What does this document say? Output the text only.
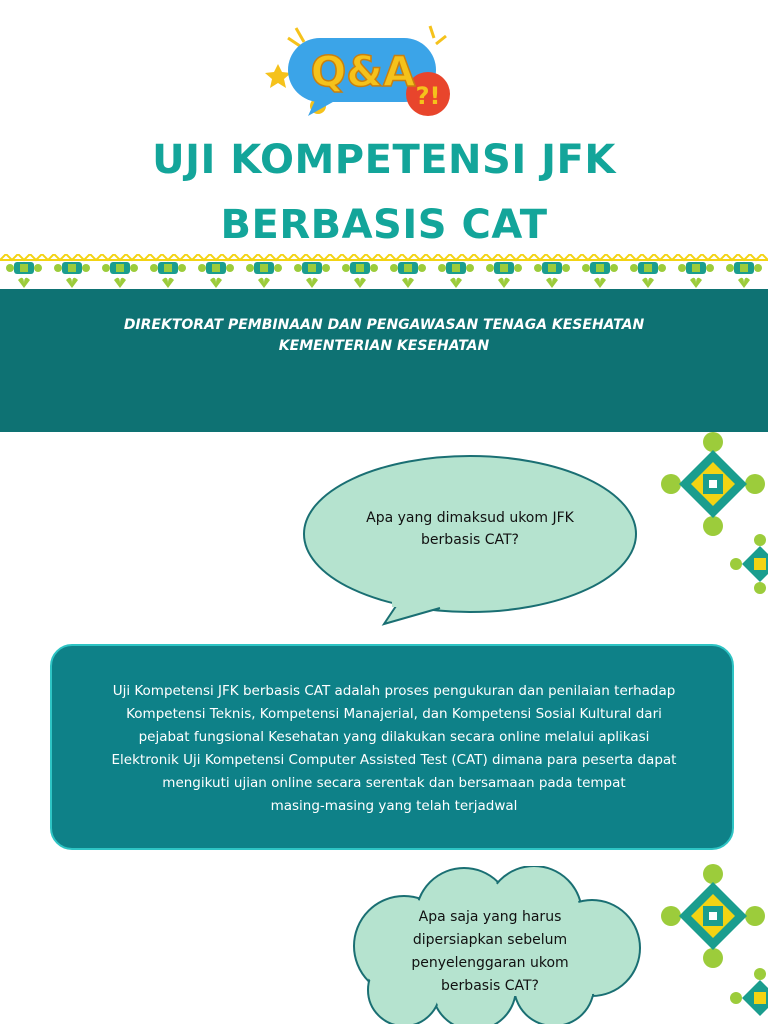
?!
Q&A
UJI KOMPETENSI JFK
BERBASIS CAT
DIREKTORAT PEMBINAAN DAN PENGAWASAN TENAGA KESEHATAN
KEMENTERIAN KESEHATAN
Apa yang dimaksud ukom JFK
berbasis CAT?
Uji Kompetensi JFK berbasis CAT adalah proses pengukuran dan penilaian terhadap
Kompetensi Teknis, Kompetensi Manajerial, dan Kompetensi Sosial Kultural dari
pejabat fungsional Kesehatan yang dilakukan secara online melalui aplikasi
Elektronik Uji Kompetensi Computer Assisted Test (CAT) dimana para peserta dapat
mengikuti ujian online secara serentak dan bersamaan pada tempat
masing-masing yang telah terjadwal
Apa saja yang harus
dipersiapkan sebelum
penyelenggaran ukom
berbasis CAT?
